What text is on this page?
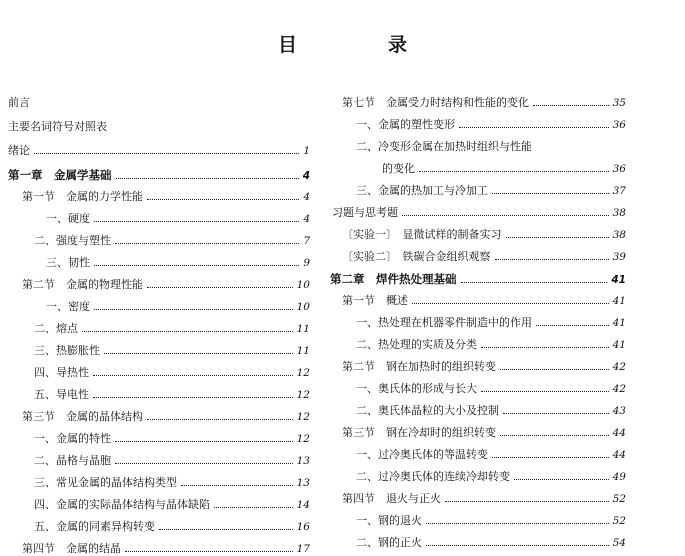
目　录
前言
主要名词符号对照表
绪论	1
第一章　金属学基础	4
第一节　金属的力学性能	4
一、硬度	4
二、强度与塑性	7
三、韧性	9
第二节　金属的物理性能	10
一、密度	10
二、熔点	11
三、热膨胀性	11
四、导热性	12
五、导电性	12
第三节　金属的晶体结构	12
一、金属的特性	12
二、晶格与晶胞	13
三、常见金属的晶体结构类型	13
四、金属的实际晶体结构与晶体缺陷	14
五、金属的同素异构转变	16
第四节　金属的结晶	17
第七节　金属受力时结构和性能的变化	35
一、金属的塑性变形	36
二、冷变形金属在加热时组织与性能
的变化	36
三、金属的热加工与冷加工	37
习题与思考题	38
〔实验一〕　显微试样的制备实习	38
〔实验二〕　铁碳合金组织观察	39
第二章　焊件热处理基础	41
第一节　概述	41
一、热处理在机器零件制造中的作用	41
二、热处理的实质及分类	41
第二节　钢在加热时的组织转变	42
一、奥氏体的形成与长大	42
二、奥氏体晶粒的大小及控制	43
第三节　钢在冷却时的组织转变	44
一、过冷奥氏体的等温转变	44
二、过冷奥氏体的连续冷却转变	49
第四节　退火与正火	52
一、钢的退火	52
二、钢的正火	54
